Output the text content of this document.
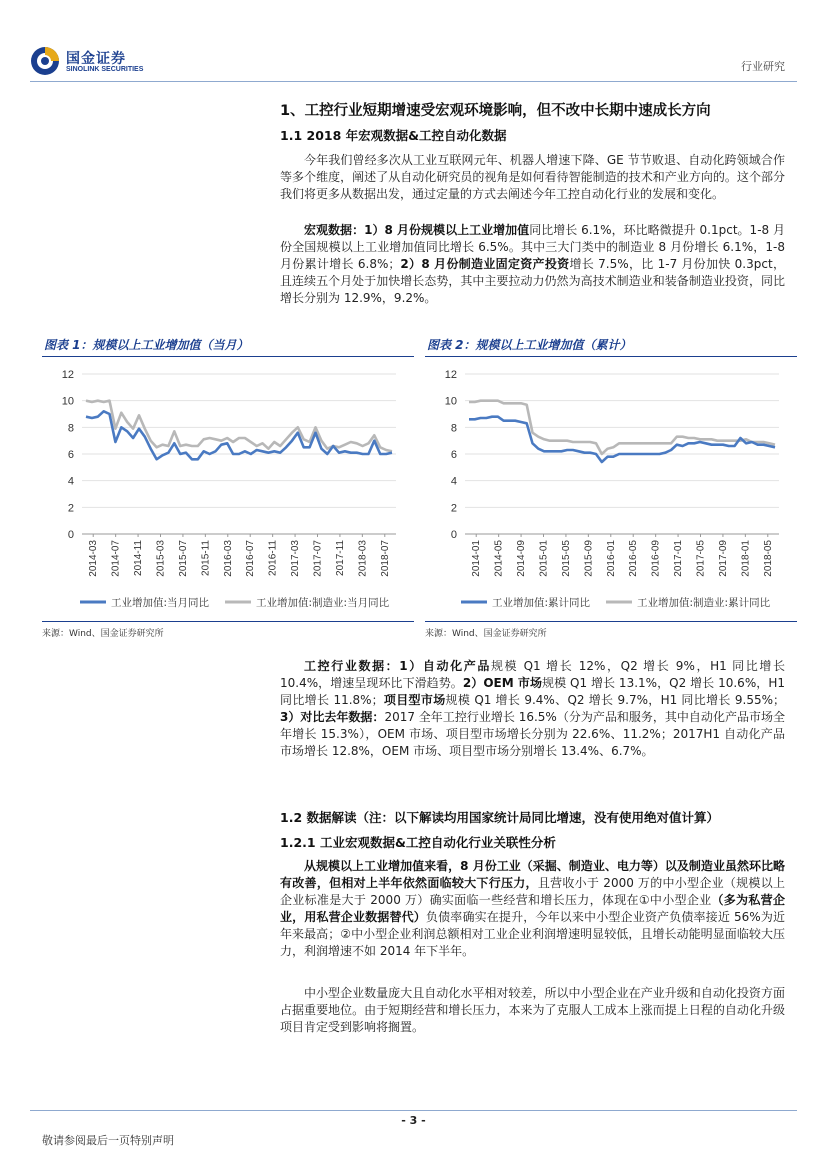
国金证券
SINOLINK SECURITIES	行业研究
1、工控行业短期增速受宏观环境影响，但不改中长期中速成长方向
1.1 2018 年宏观数据&工控自动化数据

今年我们曾经多次从工业互联网元年、机器人增速下降、GE 节节败退、自动化跨领域合作等多个维度，阐述了从自动化研究员的视角是如何看待智能制造的技术和产业方向的。这个部分我们将更多从数据出发，通过定量的方式去阐述今年工控自动化行业的发展和变化。

宏观数据：1）8 月份规模以上工业增加值同比增长 6.1%，环比略微提升 0.1pct。1-8 月份全国规模以上工业增加值同比增长 6.5%。其中三大门类中的制造业 8 月份增长 6.1%，1-8 月份累计增长 6.8%；2）8 月份制造业固定资产投资增长 7.5%，比 1-7 月份加快 0.3pct，且连续五个月处于加快增长态势，其中主要拉动力仍然为高技术制造业和装备制造业投资，同比增长分别为 12.9%，9.2%。

图表 1：规模以上工业增加值（当月）
0
2
4
6
8
10
12
2014-03 2014-07 2014-11 2015-03 2015-07 2015-11 2016-03 2016-07 2016-11 2017-03 2017-07 2017-11 2018-03 2018-07
工业增加值:当月同比	工业增加值:制造业:当月同比
来源：Wind、国金证券研究所
图表 2：规模以上工业增加值（累计）
0
2
4
6
8
10
12
2014-01 2014-05 2014-09 2015-01 2015-05 2015-09 2016-01 2016-05 2016-09 2017-01 2017-05 2017-09 2018-01 2018-05
工业增加值:累计同比	工业增加值:制造业:累计同比
来源：Wind、国金证券研究所

工控行业数据：1）自动化产品规模 Q1 增长 12%，Q2 增长 9%，H1 同比增长 10.4%，增速呈现环比下滑趋势。2）OEM 市场规模 Q1 增长 13.1%，Q2 增长 10.6%，H1 同比增长 11.8%；项目型市场规模 Q1 增长 9.4%、Q2 增长 9.7%，H1 同比增长 9.55%；3）对比去年数据：2017 全年工控行业增长 16.5%（分为产品和服务，其中自动化产品市场全年增长 15.3%），OEM 市场、项目型市场增长分别为 22.6%、11.2%；2017H1 自动化产品市场增长 12.8%，OEM 市场、项目型市场分别增长 13.4%、6.7%。

1.2 数据解读（注：以下解读均用国家统计局同比增速，没有使用绝对值计算）
1.2.1 工业宏观数据&工控自动化行业关联性分析

从规模以上工业增加值来看，8 月份工业（采掘、制造业、电力等）以及制造业虽然环比略有改善，但相对上半年依然面临较大下行压力，且营收小于 2000 万的中小型企业（规模以上企业标准是大于 2000 万）确实面临一些经营和增长压力，体现在①中小型企业（多为私营企业，用私营企业数据替代）负债率确实在提升，今年以来中小型企业资产负债率接近 56%为近年来最高；②中小型企业利润总额相对工业企业利润增速明显较低，且增长动能明显面临较大压力，利润增速不如 2014 年下半年。

中小型企业数量庞大且自动化水平相对较差，所以中小型企业在产业升级和自动化投资方面占据重要地位。由于短期经营和增长压力，本来为了克服人工成本上涨而提上日程的自动化升级项目肯定受到影响将搁置。

- 3 -
敬请参阅最后一页特别声明
